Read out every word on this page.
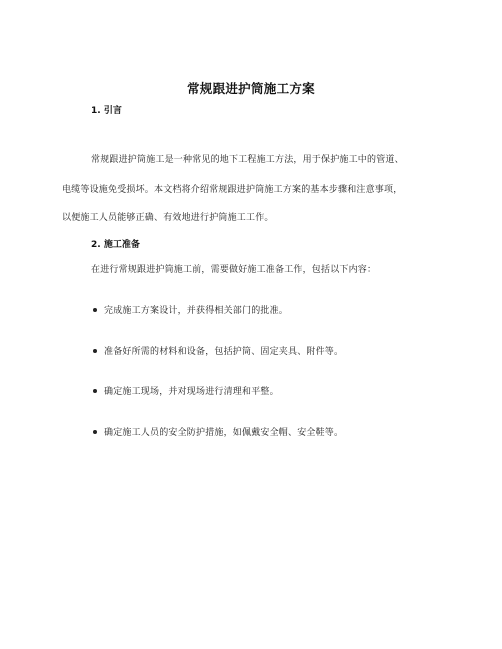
常规跟进护筒施工方案
1. 引言
常规跟进护筒施工是一种常见的地下工程施工方法，用于保护施工中的管道、
电缆等设施免受损坏。本文档将介绍常规跟进护筒施工方案的基本步骤和注意事项，
以便施工人员能够正确、有效地进行护筒施工工作。
2. 施工准备
在进行常规跟进护筒施工前，需要做好施工准备工作，包括以下内容：
完成施工方案设计，并获得相关部门的批准。
准备好所需的材料和设备，包括护筒、固定夹具、附件等。
确定施工现场，并对现场进行清理和平整。
确定施工人员的安全防护措施，如佩戴安全帽、安全鞋等。
